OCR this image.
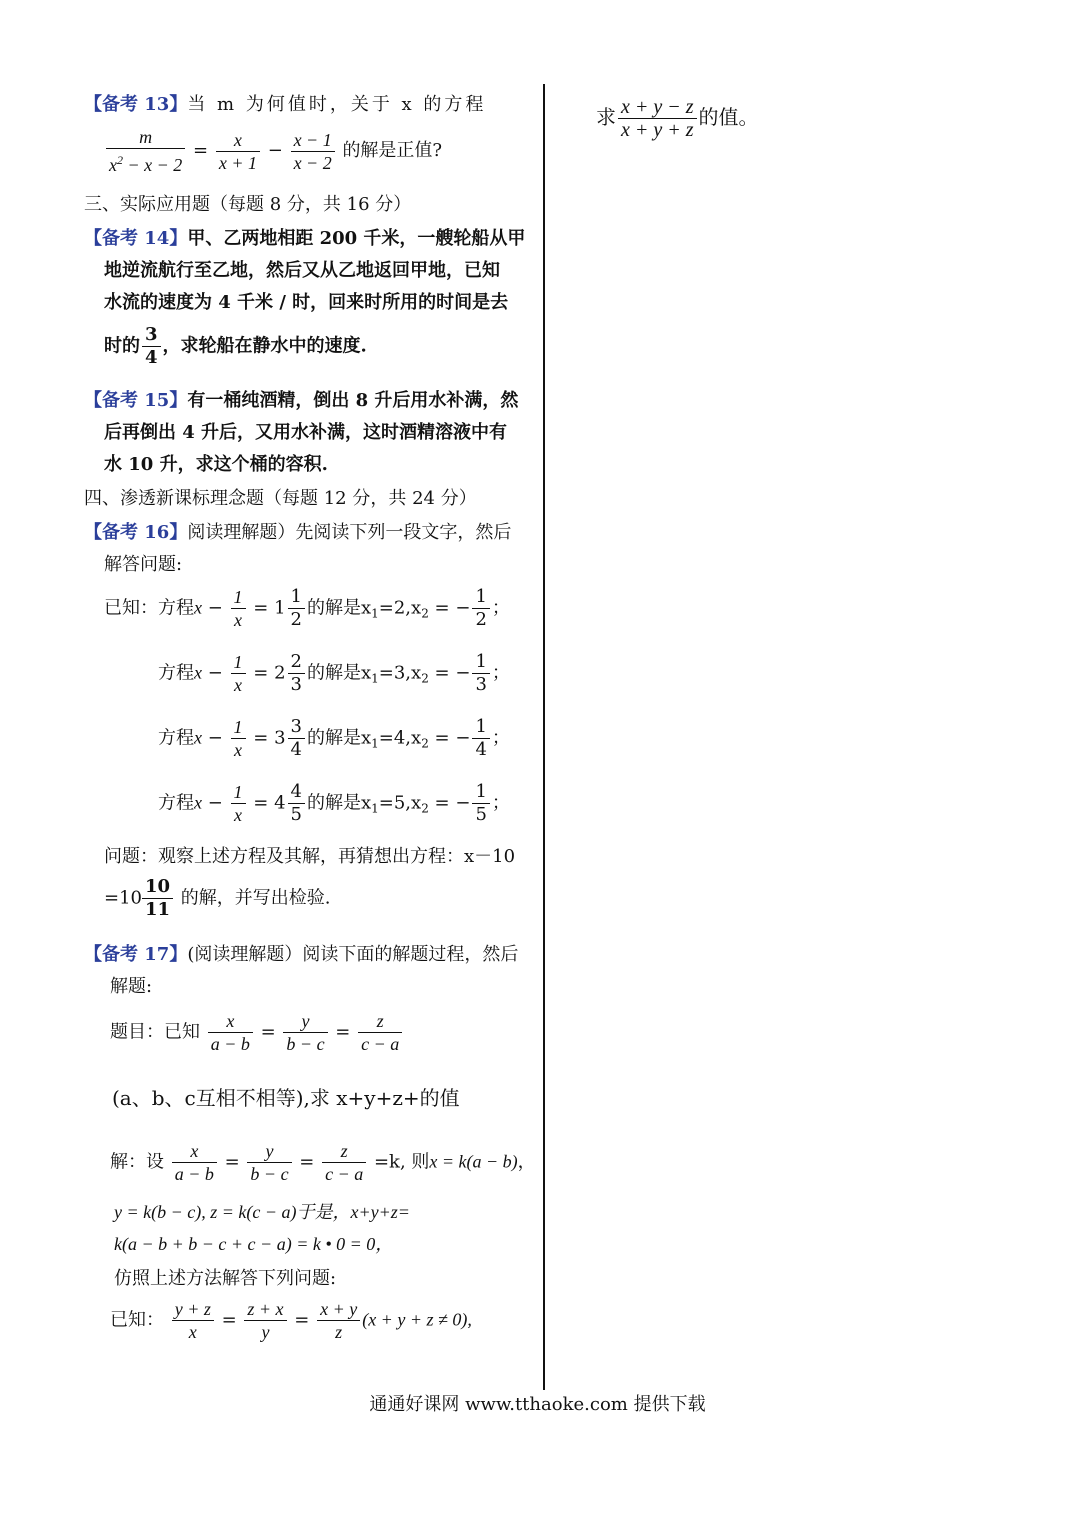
【备考 13】当 m 为何值时，关于 x 的方程
$\frac{m}{x^2 - x - 2} = \frac{x}{x + 1} - \frac{x - 1}{x - 2}$ 的解是正值?
三、实际应用题（每题 8 分，共 16 分）
【备考 14】甲、乙两地相距 200 千米，一艘轮船从甲
地逆流航行至乙地，然后又从乙地返回甲地，已知
水流的速度为 4 千米 / 时，回来时所用的时间是去
时的 $\frac{3}{4}$ ，求轮船在静水中的速度.
【备考 15】有一桶纯酒精，倒出 8 升后用水补满，然
后再倒出 4 升后，又用水补满，这时酒精溶液中有
水 10 升，求这个桶的容积.
四、渗透新课标理念题（每题 12 分，共 24 分）
【备考 16】阅读理解题）先阅读下列一段文字，然后
解答问题:
已知：方程$x - \frac{1}{x} = 1 \frac{1}{2}$ 的解是$x_1=2,x_2$ = − $\frac{1}{2}$ ；
方程$x - \frac{1}{x} = 2 \frac{2}{3}$ 的解是$x_1=3,x_2$ = − $\frac{1}{3}$ ；
方程$x - \frac{1}{x} = 3 \frac{3}{4}$ 的解是$x_1=4,x_2$ = − $\frac{1}{4}$ ；
方程$x - \frac{1}{x} = 4 \frac{4}{5}$ 的解是$x_1=5,x_2$ = − $\frac{1}{5}$ ；
问题：观察上述方程及其解，再猜想出方程：x－10
$=10 \frac{10}{11}$ 的解，并写出检验.
【备考 17】(阅读理解题）阅读下面的解题过程，然后
解题:
题目：已知 $\frac{x}{a - b} = \frac{y}{b - c} = \frac{z}{c - a}$
(a、b、c互相不相等),求 x+y+z+的值
解：设 $\frac{x}{a - b} = \frac{y}{b - c} = \frac{z}{c - a} =k$, 则x = k(a − b)，
y = k(b − c), z = k(c − a)于是，x+y+z=
k(a − b + b − c + c − a) = k • 0 = 0，
仿照上述方法解答下列问题:
已知： $\frac{y + z}{x} = \frac{z + x}{y} = \frac{x + y}{z} (x + y + z \ne 0)$,
求 $\frac{x + y - z}{x + y + z}$ 的值。
通通好课网 www.tthaoke.com 提供下载
